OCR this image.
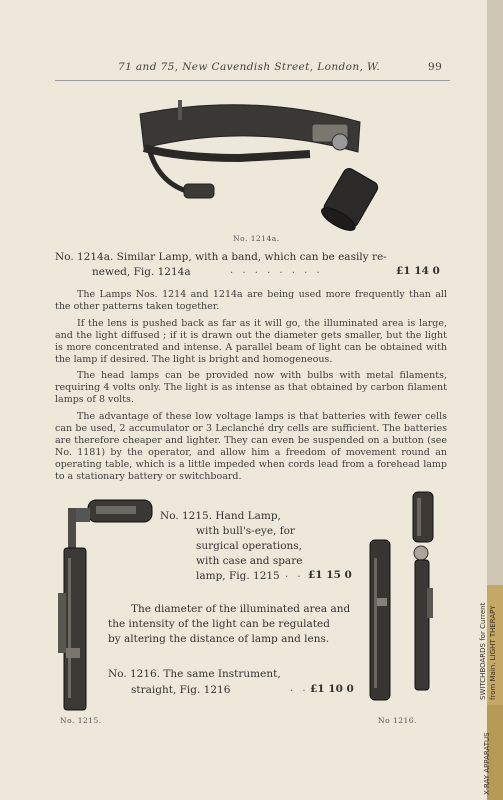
SWITCHBOARDS for Current from Main. LIGHT THERAPY
X-RAY APPARATUS
71 and 75, New Cavendish Street, London, W.	99
No. 1214a.
No. 1214a. Similar Lamp, with a band, which can be easily re-
newed, Fig. 1214a	. . . . . . . .	£1 14 0

The Lamps Nos. 1214 and 1214a are being used more frequently than all the other patterns taken together.

If the lens is pushed back as far as it will go, the illuminated area is large, and the light diffused ; if it is drawn out the diameter gets smaller, but the light is more concentrated and intense. A parallel beam of light can be obtained with the lamp if desired. The light is bright and homogeneous.

The head lamps can be provided now with bulbs with metal filaments, requiring 4 volts only. The light is as intense as that obtained by carbon filament lamps of 8 volts.

The advantage of these low voltage lamps is that batteries with fewer cells can be used, 2 accumulator or 3 Leclanché dry cells are sufficient. The batteries are therefore cheaper and lighter. They can even be suspended on a button (see No. 1181) by the operator, and allow him a freedom of movement round an operating table, which is a little impeded when cords lead from a forehead lamp to a stationary battery or switchboard.

No. 1215.
No. 1215. Hand Lamp,
with bull's-eye, for
surgical operations,
with case and spare
lamp, Fig. 1215 . . £1 15 0
The diameter of the illuminated area and
the intensity of the light can be regulated
by altering the distance of lamp and lens.
No. 1216. The same Instrument,
straight, Fig. 1216	. . £1 10 0
No 1216.
